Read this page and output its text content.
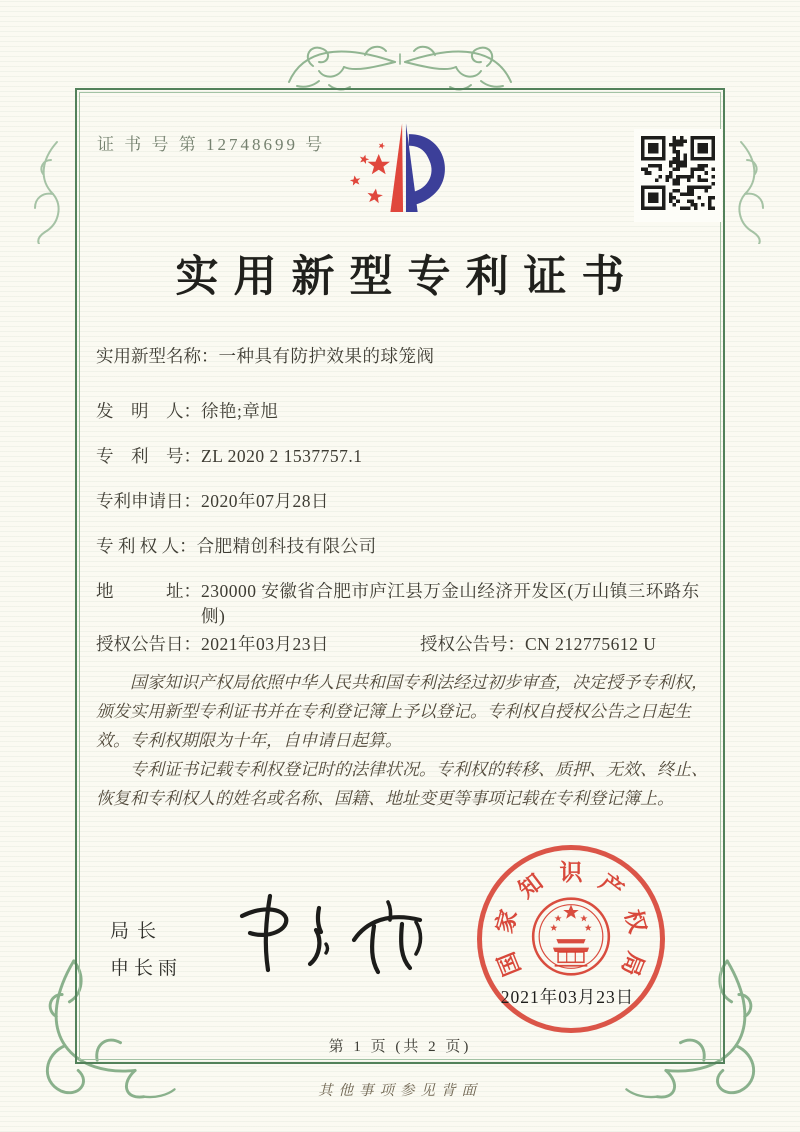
证 书 号 第 12748699 号
实用新型专利证书
实用新型名称：一种具有防护效果的球笼阀
发　明　人：徐艳;章旭
专　利　号：ZL 2020 2 1537757.1
专利申请日：2020年07月28日
专 利 权 人：合肥精创科技有限公司
地　　　址：230000 安徽省合肥市庐江县万金山经济开发区(万山镇三环路东侧)
授权公告日：2021年03月23日	授权公告号：CN 212775612 U

国家知识产权局依照中华人民共和国专利法经过初步审查，决定授予专利权，颁发实用新型专利证书并在专利登记簿上予以登记。专利权自授权公告之日起生效。专利权期限为十年，自申请日起算。

专利证书记载专利权登记时的法律状况。专利权的转移、质押、无效、终止、恢复和专利权人的姓名或名称、国籍、地址变更等事项记载在专利登记簿上。

局长
申长雨	国
家
知 识 产
权
局
2021年03月23日
第 1 页 (共 2 页)
其他事项参见背面
